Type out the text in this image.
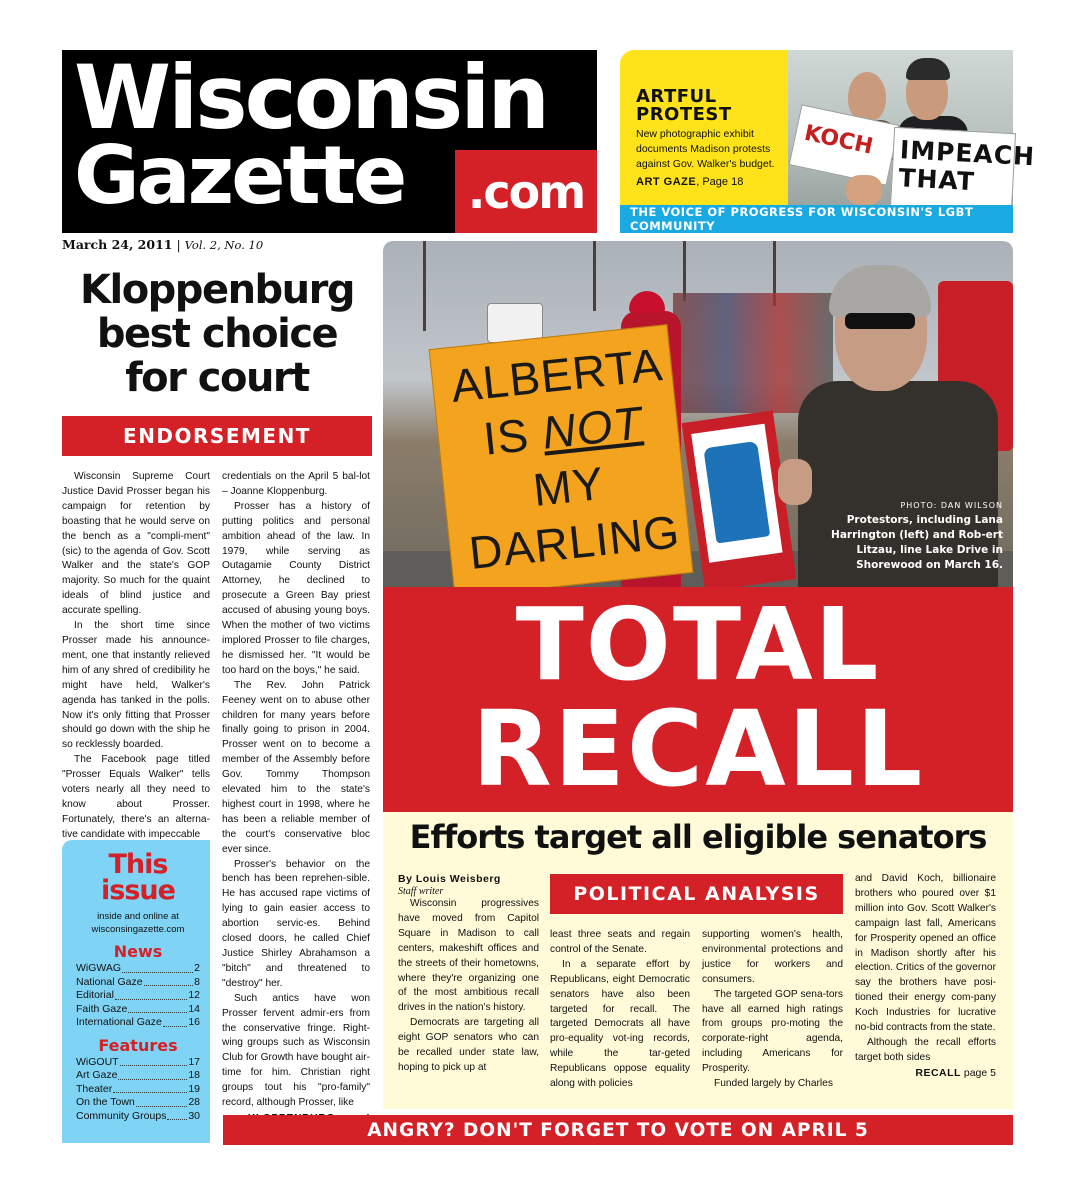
Wisconsin
Gazette .com
ARTFUL
PROTEST
New photographic exhibit documents Madison protests against Gov. Walker's budget.
ART GAZE, Page 18
KOCH IMPEACH THAT
THE VOICE OF PROGRESS FOR WISCONSIN'S LGBT COMMUNITY
March 24, 2011 | Vol. 2, No. 10
Kloppenburg best choice for court
ENDORSEMENT

Wisconsin Supreme Court Justice David Prosser began his campaign for retention by boasting that he would serve on the bench as a "compli-ment" (sic) to the agenda of Gov. Scott Walker and the state's GOP majority. So much for the quaint ideals of blind justice and accurate spelling.

In the short time since Prosser made his announce-ment, one that instantly relieved him of any shred of credibility he might have held, Walker's agenda has tanked in the polls. Now it's only fitting that Prosser should go down with the ship he so recklessly boarded.

The Facebook page titled "Prosser Equals Walker" tells voters nearly all they need to know about Prosser. Fortunately, there's an alterna-tive candidate with impeccable

credentials on the April 5 bal-lot – Joanne Kloppenburg.

Prosser has a history of putting politics and personal ambition ahead of the law. In 1979, while serving as Outagamie County District Attorney, he declined to prosecute a Green Bay priest accused of abusing young boys. When the mother of two victims implored Prosser to file charges, he dismissed her. "It would be too hard on the boys," he said.

The Rev. John Patrick Feeney went on to abuse other children for many years before finally going to prison in 2004. Prosser went on to become a member of the Assembly before Gov. Tommy Thompson elevated him to the state's highest court in 1998, where he has been a reliable member of the court's conservative bloc ever since.

Prosser's behavior on the bench has been reprehen-sible. He has accused rape victims of lying to gain easier access to abortion servic-es. Behind closed doors, he called Chief Justice Shirley Abrahamson a "bitch" and threatened to "destroy" her.

Such antics have won Prosser fervent admir-ers from the conservative fringe. Right-wing groups such as Wisconsin Club for Growth have bought air-time for him. Christian right groups tout his "pro-family" record, although Prosser, like

This
issue
inside and online at wisconsingazette.com
News
WiGWAG	2
National Gaze	8
Editorial	12
Faith Gaze	14
International Gaze	16
Features
WiGOUT	17
Art Gaze	18
Theater	19
On the Town	28
Community Groups 30
ALBERTA
IS NOT MY
DARLING	PHOTO: DAN WILSON
Protestors, including Lana Harrington (left) and Rob-ert Litzau, line Lake Drive in Shorewood on March 16.
TOTAL
RECALL
Efforts target all eligible senators
By Louis Weisberg
Staff writer	POLITICAL ANALYSIS

Wisconsin progressives have moved from Capitol Square in Madison to call centers, makeshift offices and the streets of their hometowns, where they're organizing one of the most ambitious recall drives in the nation's history.

Democrats are targeting all eight GOP senators who can be recalled under state law, hoping to pick up at

least three seats and regain control of the Senate.

In a separate effort by Republicans, eight Democratic senators have also been targeted for recall. The targeted Democrats all have pro-equality vot-ing records, while the tar-geted Republicans oppose equality along with policies

supporting women's health, environmental protections and justice for workers and consumers.

The targeted GOP sena-tors have all earned high ratings from groups pro-moting the corporate-right agenda, including Americans for Prosperity.

Funded largely by Charles

and David Koch, billionaire brothers who poured over $1 million into Gov. Scott Walker's campaign last fall, Americans for Prosperity opened an office in Madison shortly after his election. Critics of the governor say the brothers have posi-tioned their energy com-pany Koch Industries for lucrative no-bid contracts from the state.

Although the recall efforts target both sides

RECALL page 5
ANGRY? DON'T FORGET TO VOTE ON APRIL 5
